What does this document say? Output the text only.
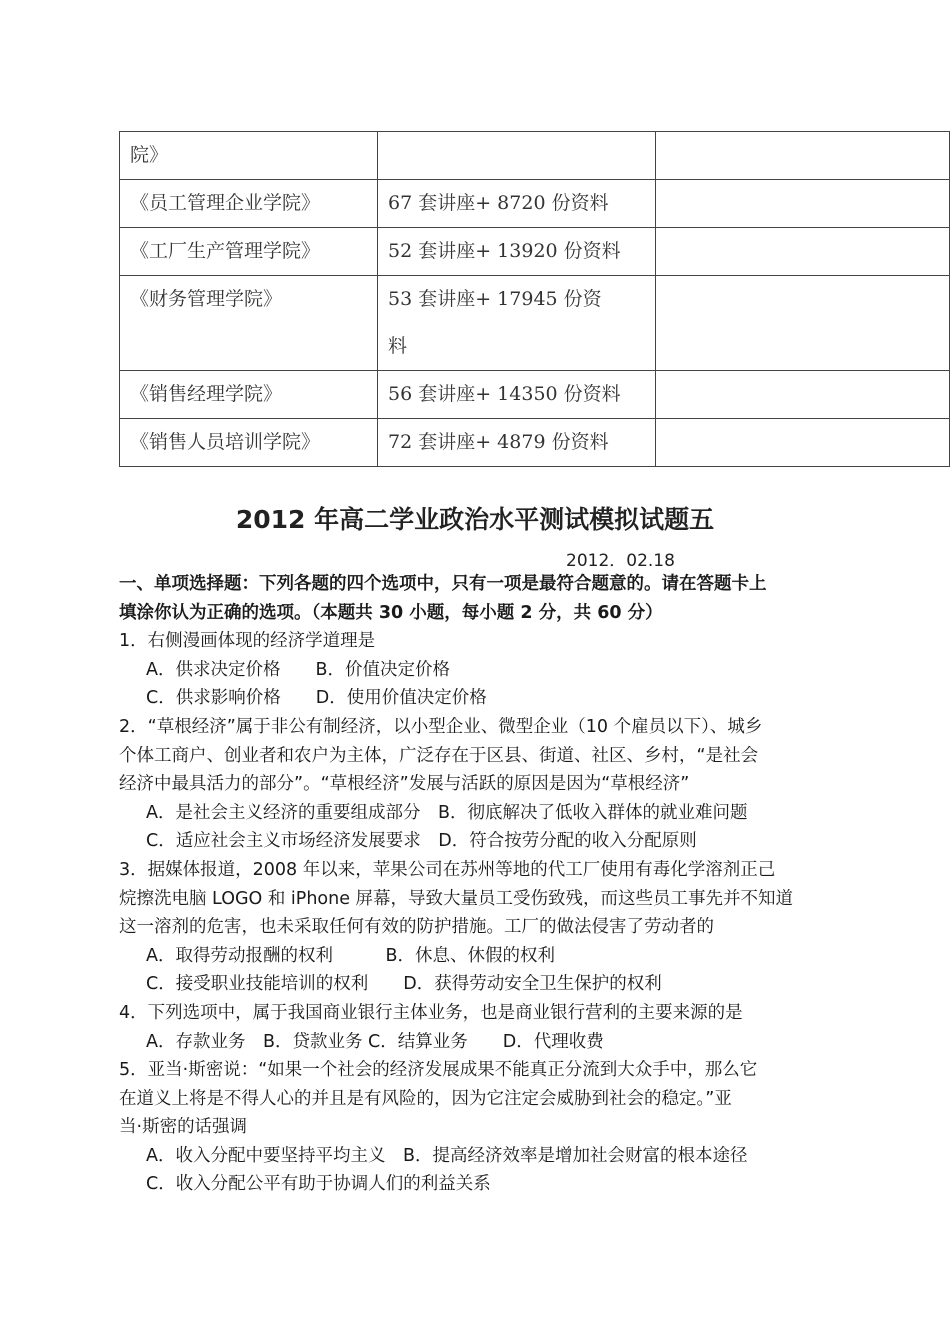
院》		
《员工管理企业学院》	67 套讲座+ 8720 份资料	
《工厂生产管理学院》	52 套讲座+ 13920 份资料	
《财务管理学院》	53 套讲座+ 17945 份资
料	

《销售经理学院》	56 套讲座+ 14350 份资料	
《销售人员培训学院》	72 套讲座+ 4879 份资料	
2012 年高二学业政治水平测试模拟试题五
2012．02.18

一、单项选择题：下列各题的四个选项中，只有一项是最符合题意的。请在答题卡上

填涂你认为正确的选项。（本题共 30 小题，每小题 2 分，共 60 分）

1．右侧漫画体现的经济学道理是

A．供求决定价格　　B．价值决定价格

C．供求影响价格　　D．使用价值决定价格

2．“草根经济”属于非公有制经济，以小型企业、微型企业（10 个雇员以下）、城乡

个体工商户、创业者和农户为主体，广泛存在于区县、街道、社区、乡村，“是社会

经济中最具活力的部分”。“草根经济”发展与活跃的原因是因为“草根经济”

A．是社会主义经济的重要组成部分　B．彻底解决了低收入群体的就业难问题

C．适应社会主义市场经济发展要求　D．符合按劳分配的收入分配原则

3．据媒体报道，2008 年以来，苹果公司在苏州等地的代工厂使用有毒化学溶剂正己

烷擦洗电脑 LOGO 和 iPhone 屏幕，导致大量员工受伤致残，而这些员工事先并不知道

这一溶剂的危害，也未采取任何有效的防护措施。工厂的做法侵害了劳动者的

A．取得劳动报酬的权利　　　B．休息、休假的权利

C．接受职业技能培训的权利　　D．获得劳动安全卫生保护的权利

4．下列选项中，属于我国商业银行主体业务，也是商业银行营利的主要来源的是

A．存款业务　B．贷款业务 C．结算业务　　D．代理收费

5．亚当·斯密说：“如果一个社会的经济发展成果不能真正分流到大众手中，那么它

在道义上将是不得人心的并且是有风险的，因为它注定会威胁到社会的稳定。”亚

当·斯密的话强调

A．收入分配中要坚持平均主义　B．提高经济效率是增加社会财富的根本途径

C．收入分配公平有助于协调人们的利益关系
